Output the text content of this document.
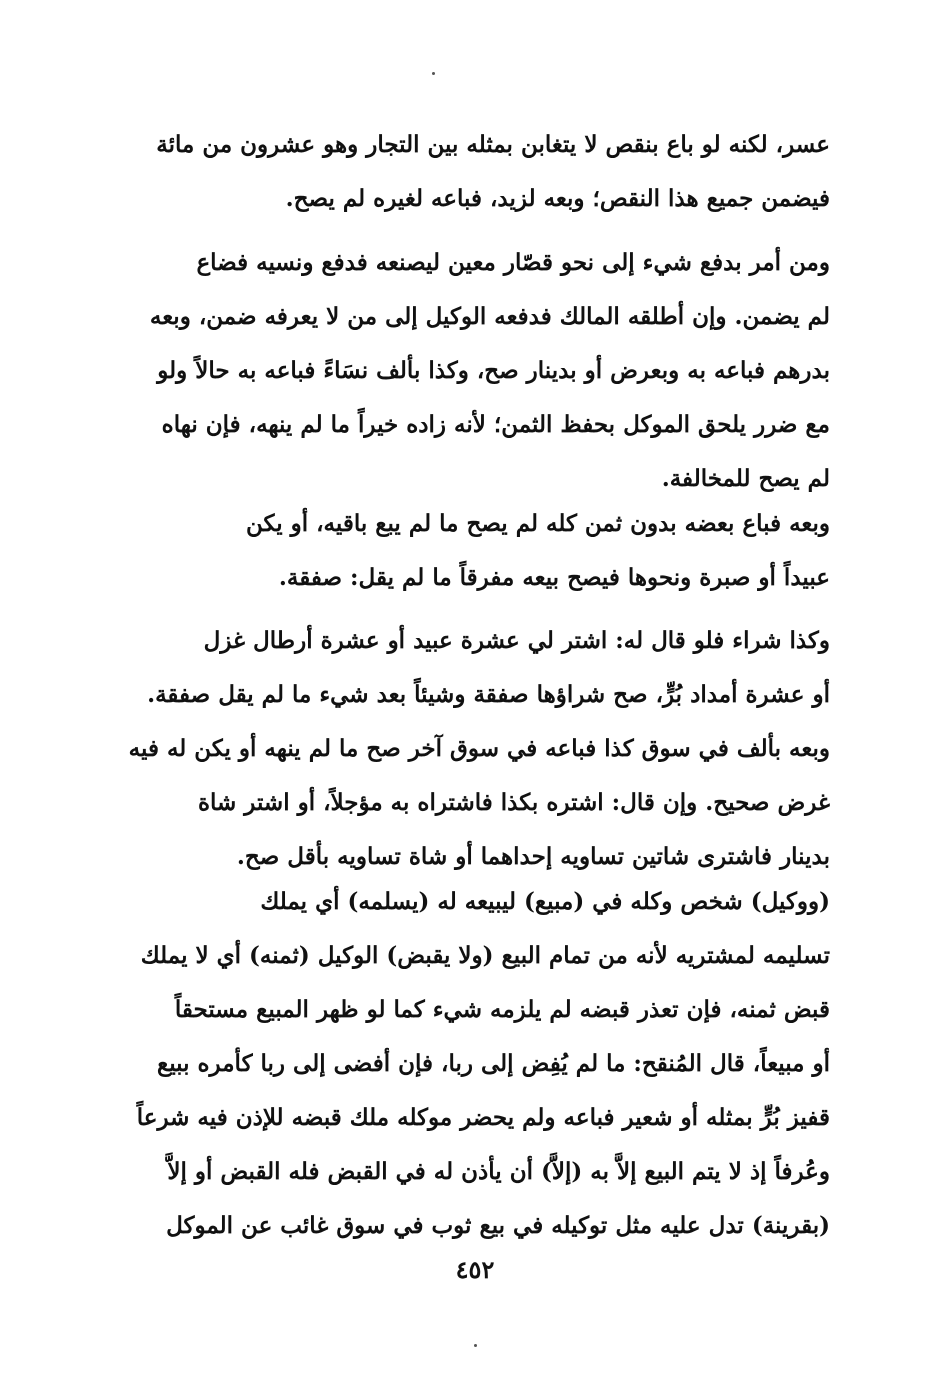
عسر، لكنه لو باع بنقص لا يتغابن بمثله بين التجار وهو عشرون من مائة
فيضمن جميع هذا النقص؛ وبعه لزيد، فباعه لغيره لم يصح.
ومن أمر بدفع شيء إلى نحو قصّار معين ليصنعه فدفع ونسيه فضاع
لم يضمن. وإن أطلقه المالك فدفعه الوكيل إلى من لا يعرفه ضمن، وبعه
بدرهم فباعه به وبعرض أو بدينار صح، وكذا بألف نسَاءً فباعه به حالاً ولو
مع ضرر يلحق الموكل بحفظ الثمن؛ لأنه زاده خيراً ما لم ينهه، فإن نهاه
لم يصح للمخالفة.
وبعه فباع بعضه بدون ثمن كله لم يصح ما لم يبع باقيه، أو يكن
عبيداً أو صبرة ونحوها فيصح بيعه مفرقاً ما لم يقل: صفقة.
وكذا شراء فلو قال له: اشتر لي عشرة عبيد أو عشرة أرطال غزل
أو عشرة أمداد بُرٍّ، صح شراؤها صفقة وشيئاً بعد شيء ما لم يقل صفقة.
وبعه بألف في سوق كذا فباعه في سوق آخر صح ما لم ينهه أو يكن له فيه
غرض صحيح. وإن قال: اشتره بكذا فاشتراه به مؤجلاً، أو اشتر شاة
بدينار فاشترى شاتين تساويه إحداهما أو شاة تساويه بأقل صح.
(ووكيل) شخص وكله في (مبيع) ليبيعه له (يسلمه) أي يملك
تسليمه لمشتريه لأنه من تمام البيع (ولا يقبض) الوكيل (ثمنه) أي لا يملك
قبض ثمنه، فإن تعذر قبضه لم يلزمه شيء كما لو ظهر المبيع مستحقاً
أو مبيعاً، قال المُنقح: ما لم يُفِض إلى ربا، فإن أفضى إلى ربا كأمره ببيع
قفيز بُرٍّ بمثله أو شعير فباعه ولم يحضر موكله ملك قبضه للإذن فيه شرعاً
وعُرفاً إذ لا يتم البيع إلاَّ به (إلاَّ) أن يأذن له في القبض فله القبض أو إلاَّ
(بقرينة) تدل عليه مثل توكيله في بيع ثوب في سوق غائب عن الموكل
٤٥٢
